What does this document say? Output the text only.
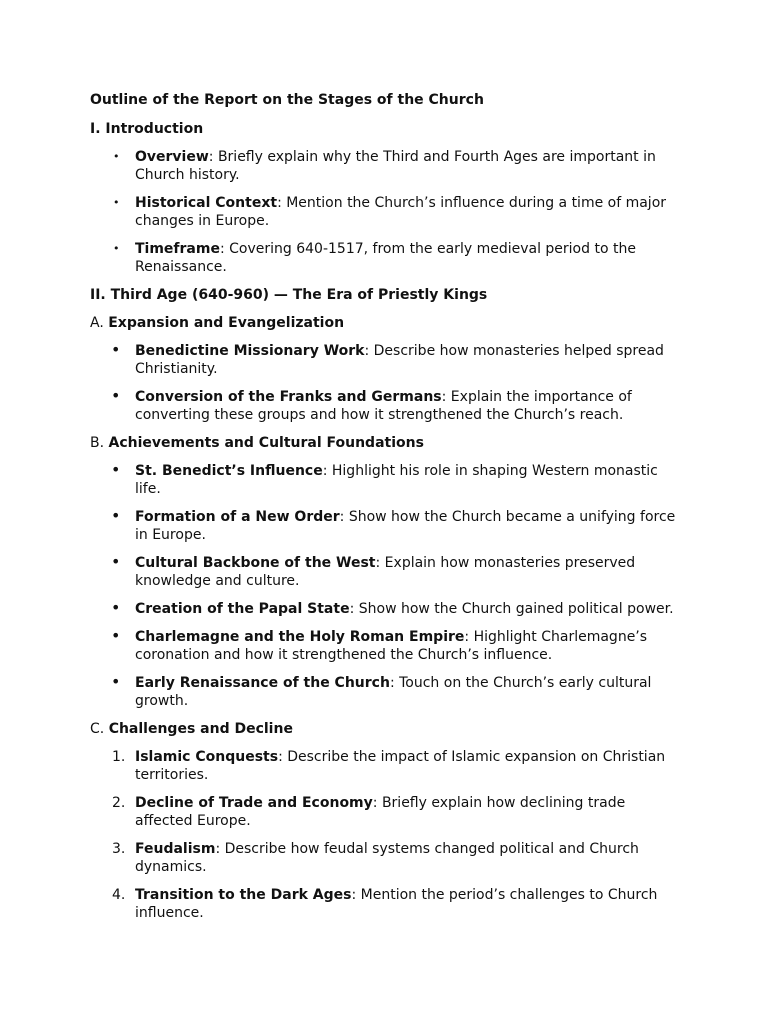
Outline of the Report on the Stages of the Church
I. Introduction
•	Overview: Briefly explain why the Third and Fourth Ages are important in Church history.
•	Historical Context: Mention the Church’s influence during a time of major changes in Europe.
•	Timeframe: Covering 640-1517, from the early medieval period to the Renaissance.
II. Third Age (640-960) — The Era of Priestly Kings
A. Expansion and Evangelization
•	Benedictine Missionary Work: Describe how monasteries helped spread Christianity.
•	Conversion of the Franks and Germans: Explain the importance of converting these groups and how it strengthened the Church’s reach.
B. Achievements and Cultural Foundations
•	St. Benedict’s Influence: Highlight his role in shaping Western monastic life.
•	Formation of a New Order: Show how the Church became a unifying force in Europe.
•	Cultural Backbone of the West: Explain how monasteries preserved knowledge and culture.
•	Creation of the Papal State: Show how the Church gained political power.
•	Charlemagne and the Holy Roman Empire: Highlight Charlemagne’s coronation and how it strengthened the Church’s influence.
•	Early Renaissance of the Church: Touch on the Church’s early cultural growth.
C. Challenges and Decline
1. Islamic Conquests: Describe the impact of Islamic expansion on Christian territories.
2. Decline of Trade and Economy: Briefly explain how declining trade affected Europe.
3. Feudalism: Describe how feudal systems changed political and Church dynamics.
4. Transition to the Dark Ages: Mention the period’s challenges to Church influence.
